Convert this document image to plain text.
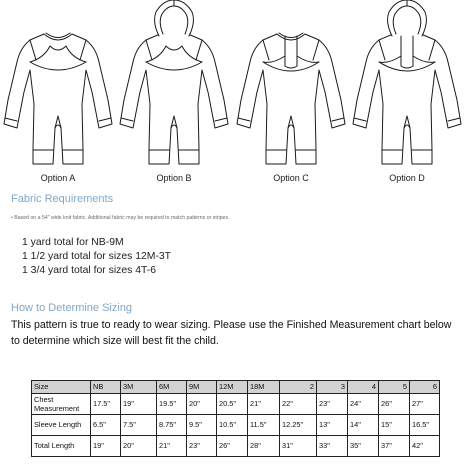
Option A	Option B	Option C	Option D
Fabric Requirements
• Based on a 54" wide knit fabric. Additional fabric may be required to match patterns or stripes.
1 yard total for NB-9M
1 1/2 yard total for sizes 12M-3T
1 3/4 yard total for sizes 4T-6
How to Determine Sizing
This pattern is true to ready to wear sizing. Please use the Finished Measurement chart below to determine which size will best fit the child.
Size	NB	3M	6M	9M	12M	18M	2	3	4	5	6
Chest Measurement	17.5"	19"	19.5"	20"	20.5"	21"	22"	23"	24"	26"	27"
Sleeve Length	6.5"	7.5"	8.75"	9.5"	10.5"	11.5"	12.25"	13"	14"	15"	16.5"
Total Length	19"	20"	21"	23"	26"	28"	31"	33"	35"	37"	42"
